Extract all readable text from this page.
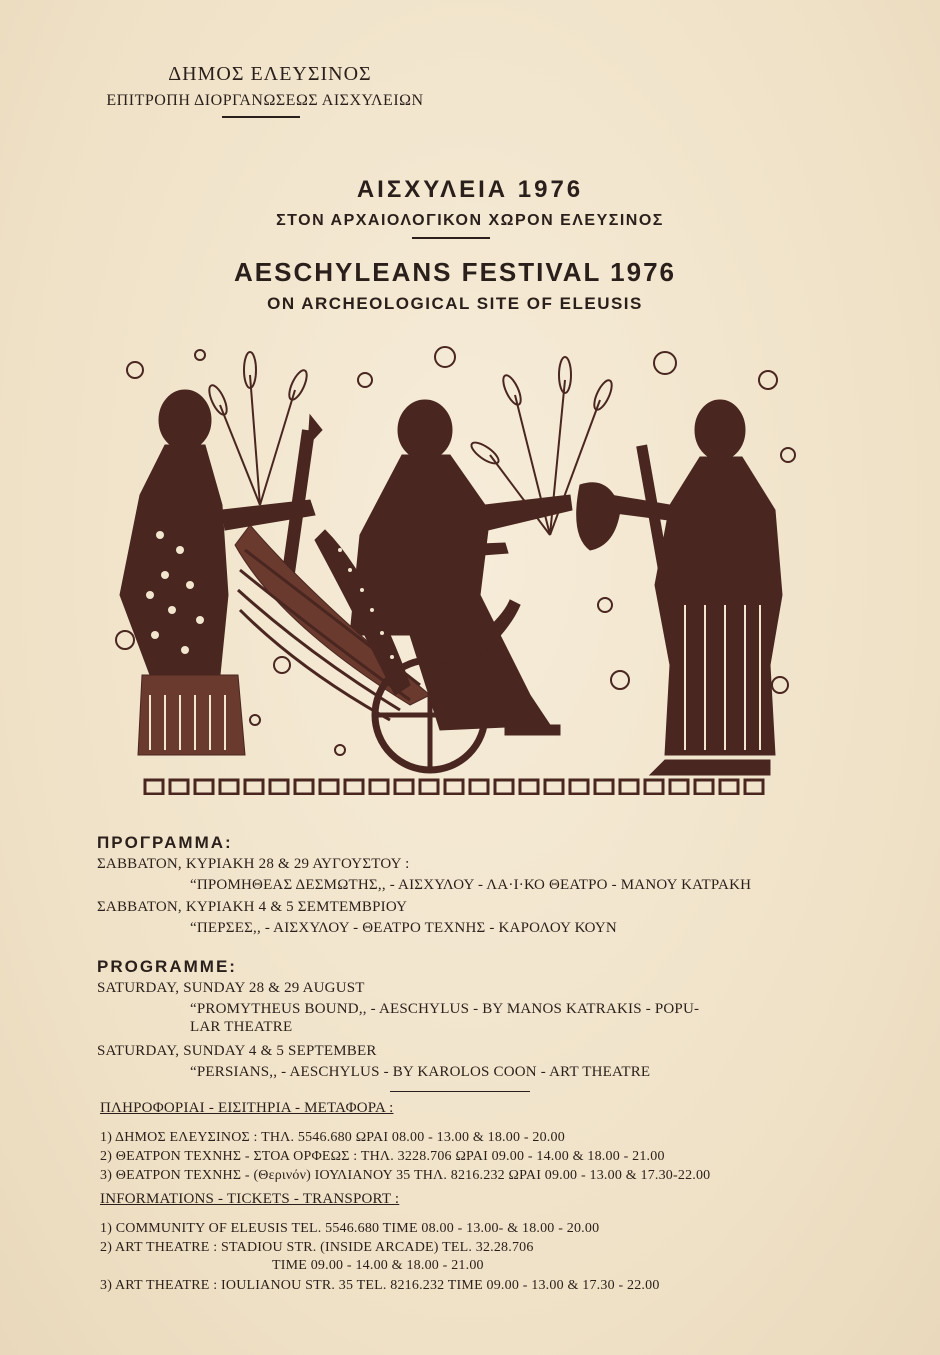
ΔΗΜΟΣ ΕΛΕΥΣΙΝΟΣ
ΕΠΙΤΡΟΠΗ ΔΙΟΡΓΑΝΩΣΕΩΣ ΑΙΣΧΥΛΕΙΩΝ
ΑΙΣΧΥΛΕΙΑ 1976
ΣΤΟΝ ΑΡΧΑΙΟΛΟΓΙΚΟΝ ΧΩΡΟΝ ΕΛΕΥΣΙΝΟΣ
AESCHYLEANS FESTIVAL 1976
ON ARCHEOLOGICAL SITE OF ELEUSIS
ΠΡΟΓΡΑΜΜΑ:
ΣΑΒΒΑΤΟΝ, ΚΥΡΙΑΚΗ 28 & 29 ΑΥΓΟΥΣΤΟΥ :
“ΠΡΟΜΗΘΕΑΣ ΔΕΣΜΩΤΗΣ,, - ΑΙΣΧΥΛΟΥ - ΛΑ·Ι·ΚΟ ΘΕΑΤΡΟ - ΜΑΝΟΥ ΚΑΤΡΑΚΗ
ΣΑΒΒΑΤΟΝ, ΚΥΡΙΑΚΗ 4 & 5 ΣΕΜΤΕΜΒΡΙΟΥ
“ΠΕΡΣΕΣ,, - ΑΙΣΧΥΛΟΥ - ΘΕΑΤΡΟ ΤΕΧΝΗΣ - ΚΑΡΟΛΟΥ ΚΟΥΝ
PROGRAMME:
SATURDAY, SUNDAY 28 & 29 AUGUST
“PROMYTHEUS BOUND,, - AESCHYLUS - BY MANOS KATRAKIS - POPU-
LAR THEATRE
SATURDAY, SUNDAY 4 & 5 SEPTEMBER
“PERSIANS,, - AESCHYLUS - BY KAROLOS COON - ART THEATRE
ΠΛΗΡΟΦΟΡΙΑΙ - ΕΙΣΙΤΗΡΙΑ - ΜΕΤΑΦΟΡΑ :
1) ΔΗΜΟΣ ΕΛΕΥΣΙΝΟΣ : ΤΗΛ. 5546.680 ΩΡΑΙ 08.00 - 13.00 & 18.00 - 20.00
2) ΘΕΑΤΡΟΝ ΤΕΧΝΗΣ - ΣΤΟΑ ΟΡΦΕΩΣ : ΤΗΛ. 3228.706 ΩΡΑΙ 09.00 - 14.00 & 18.00 - 21.00
3) ΘΕΑΤΡΟΝ ΤΕΧΝΗΣ - (Θερινόν) ΙΟΥΛΙΑΝΟΥ 35 ΤΗΛ. 8216.232 ΩΡΑΙ 09.00 - 13.00 & 17.30-22.00
INFORMATIONS - TICKETS - TRANSPORT :
1) COMMUNITY OF ELEUSIS TEL. 5546.680 TIME 08.00 - 13.00- & 18.00 - 20.00
2) ART THEATRE : STADIOU STR. (INSIDE ARCADE) TEL. 32.28.706
TIME 09.00 - 14.00 & 18.00 - 21.00
3) ART THEATRE : IOULIANOU STR. 35 TEL. 8216.232 TIME 09.00 - 13.00 & 17.30 - 22.00
